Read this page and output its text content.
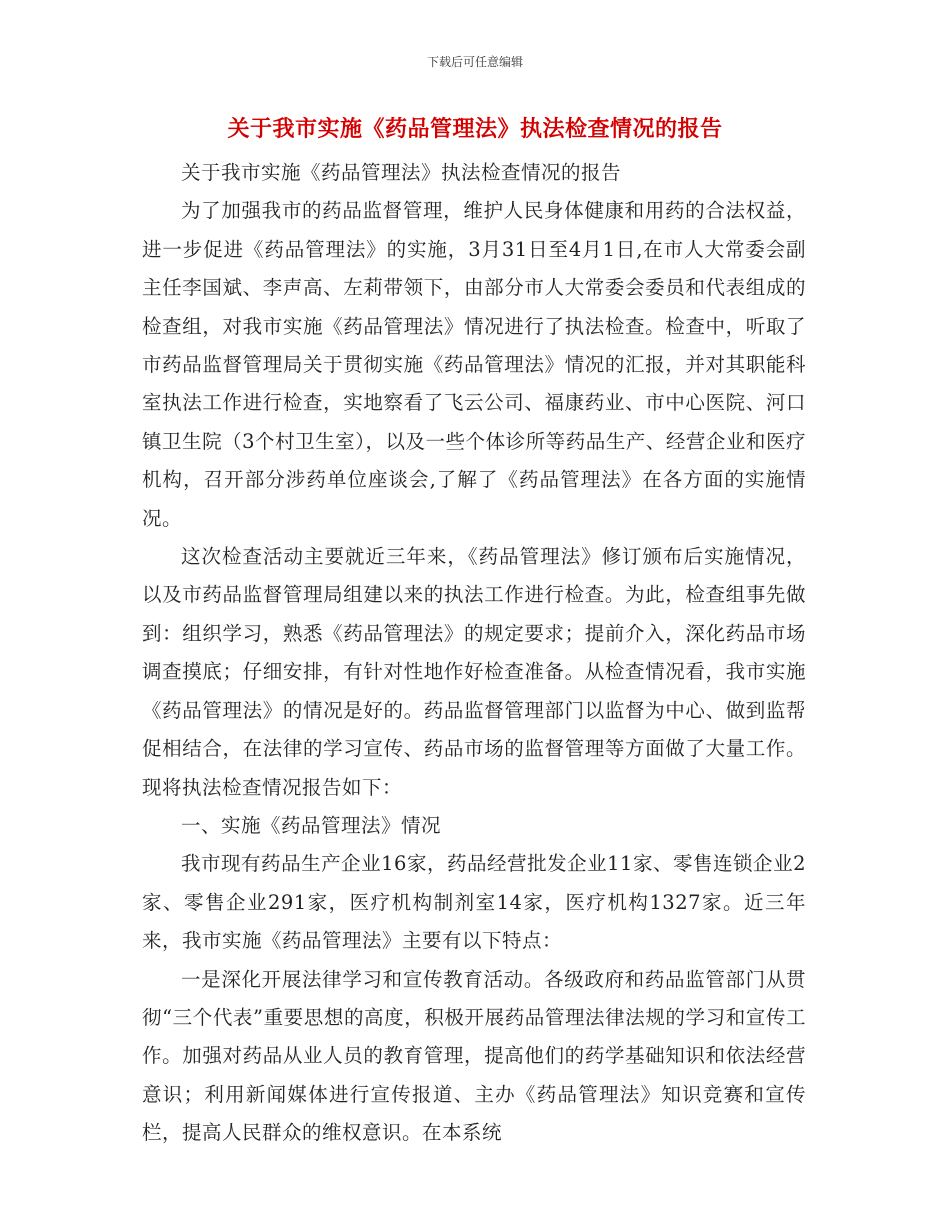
下载后可任意编辑
关于我市实施《药品管理法》执法检查情况的报告

关于我市实施《药品管理法》执法检查情况的报告

为了加强我市的药品监督管理，维护人民身体健康和用药的合法权益，进一步促进《药品管理法》的实施，3月31日至4月1日,在市人大常委会副主任李国斌、李声高、左莉带领下，由部分市人大常委会委员和代表组成的检查组，对我市实施《药品管理法》情况进行了执法检查。检查中，听取了市药品监督管理局关于贯彻实施《药品管理法》情况的汇报，并对其职能科室执法工作进行检查，实地察看了飞云公司、福康药业、市中心医院、河口镇卫生院（3个村卫生室），以及一些个体诊所等药品生产、经营企业和医疗机构，召开部分涉药单位座谈会,了解了《药品管理法》在各方面的实施情况。

这次检查活动主要就近三年来，《药品管理法》修订颁布后实施情况，以及市药品监督管理局组建以来的执法工作进行检查。为此，检查组事先做到：组织学习，熟悉《药品管理法》的规定要求；提前介入，深化药品市场调查摸底；仔细安排，有针对性地作好检查准备。从检查情况看，我市实施《药品管理法》的情况是好的。药品监督管理部门以监督为中心、做到监帮促相结合，在法律的学习宣传、药品市场的监督管理等方面做了大量工作。现将执法检查情况报告如下：

一、实施《药品管理法》情况

我市现有药品生产企业16家，药品经营批发企业11家、零售连锁企业2家、零售企业291家，医疗机构制剂室14家，医疗机构1327家。近三年来，我市实施《药品管理法》主要有以下特点：

一是深化开展法律学习和宣传教育活动。各级政府和药品监管部门从贯彻“三个代表”重要思想的高度，积极开展药品管理法律法规的学习和宣传工作。加强对药品从业人员的教育管理，提高他们的药学基础知识和依法经营意识；利用新闻媒体进行宣传报道、主办《药品管理法》知识竞赛和宣传栏，提高人民群众的维权意识。在本系统
